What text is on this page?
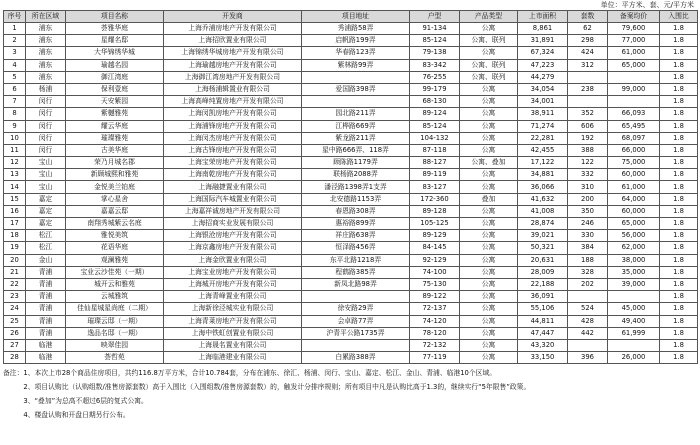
单位：平方米、套、元/平方米
序号	所在区域	项目名称	开发商	项目地址	户型	产品类型	上市面积	套数	备案均价	入围比
1	浦东	荟雅华庭	上海乔浦房地产开发有限公司	秀浦路58弄	91-134	公寓	8,861	62	79,600	1.8
2	浦东	星耀名邸	上海招欣置业有限公司	启帆路199弄	85-124	公寓、联列	31,891	298	77,000	1.8
3	浦东	大华锦绣华城	上海锦绣华城房地产开发有限公司	华春路123弄	79-138	公寓	67,324	424	61,000	1.8
4	浦东	瑜越名园	上海瑜越房地产开发有限公司	紫林路99弄	83-342	公寓、联列	47,223	312	65,000	1.8
5	浦东	御江湾庭	上海御江湾房地产开发有限公司		76-255	公寓、联列	44,279			1.8
6	杨浦	保利壹庭	上海杨浦辑置业有限公司	爱国路398弄	99-179	公寓	34,054	238	99,000	1.8
7	闵行	天安紫园	上海高峰纯置房地产开发有限公司		68-130	公寓	34,001			1.8
8	闵行	紫樾雅苑	上海闵凯房地产开发有限公司	园北路211弄	89-124	公寓	38,911	352	66,093	1.8
9	闵行	耀云华庭	上海浦锋房地产开发有限公司	江桦路669弄	85-124	公寓	71,274	606	65,495	1.8
10	闵行	璀璨雅苑	上海闵杰房地产开发有限公司	紫龙路211弄	104-132	公寓	22,281	192	68,097	1.8
11	闵行	古美华庭	上海古锋房地产开发有限公司	星中路666弄、118弄	87-118	公寓	42,455	388	66,000	1.8
12	宝山	荣乃月城名郡	上海宝荣房地产开发有限公司	顾陈路1179弄	88-127	公寓、叠加	17,122	122	75,000	1.8
13	宝山	新顾城熙和雅苑	上海南乾房地产开发有限公司	联杨路2088弄	89-119	公寓	34,881	332	60,000	1.8
14	宝山	金悦美兰铂庭	上海融捷置业有限公司	潘泾路1398弄1支弄	83-127	公寓	36,066	310	61,000	1.8
15	嘉定	掌心星舍	上海国际汽车城置业有限公司	北安德路1153弄	172-360	叠加	41,632	200	64,000	1.8
16	嘉定	嘉嘉云邸	上海嘉祥诚房地产开发有限公司	春恩路308弄	89-128	公寓	41,008	350	60,000	1.8
17	嘉定	南翔秀城紫云名庭	上海招商实业发展有限公司	惠裕路899弄	105-125	公寓	28,874	246	65,000	1.8
18	松江	雅悦美筑	上海银沧房地产开发有限公司	祥庄路638弄	89-129	公寓	39,021	330	56,000	1.8
19	松江	花语华庭	上海京鑫房地产开发有限公司	恒泽路456弄	84-145	公寓	50,321	384	62,000	1.8
20	金山	观澜雅苑	上海金欣置业有限公司	东平北路1218弄	92-129	公寓	20,631	188	38,000	1.8
21	青浦	宝业云沙佳苑（一期）	上海宝业房地产开发有限公司	程鹤路385弄	74-100	公寓	28,009	328	35,000	1.8
22	青浦	城开云和雅苑	上海城开房地产开发有限公司	新凤北路98弄	75-130	公寓	22,188	202	39,000	1.8
23	青浦	云城雅筑	上海青峰置业有限公司		89-122	公寓	36,091			1.8
24	青浦	佳仙星城星尚庭（二期）	上海新徐泾城实业有限公司	徐安路29弄	72-137	公寓	55,106	524	45,000	1.8
25	青浦	璀璨云邸（一期）	上海青莱房地产开发有限公司	会卓路77弄	74-120	公寓	44,811	428	49,400	1.8
26	青浦	逸品名邸（一期）	上海中铁虹创置业有限公司	沪青平公路1735弄	78-120	公寓	47,447	442	61,999	1.8
27	临港	映翠佳园	上海晟名置业有限公司		72-132	公寓	43,320			1.8
28	临港	荟哲苑	上海临港建业有限公司	白累路388弄	77-119	公寓	33,150	396	26,000	1.8
备注：1、本次上市28个商品住房项目，共约116.8万平方米，合计10.784套，分布在浦东、徐汇、杨浦、闵行、宝山、嘉定、松江、金山、青浦、临港10个区域。
　　　2、项目认购比（认购组数/准售房源套数）高于入围比（入围组数/准售房源套数）的，触发计分排序规则；所有项目中凡是认购比高于1.3的，继续实行“5年限售”政策。
　　　3、“叠加”为总高不超过6层的复式公寓。
　　　4、楼盘认购和开盘日期另行公布。
